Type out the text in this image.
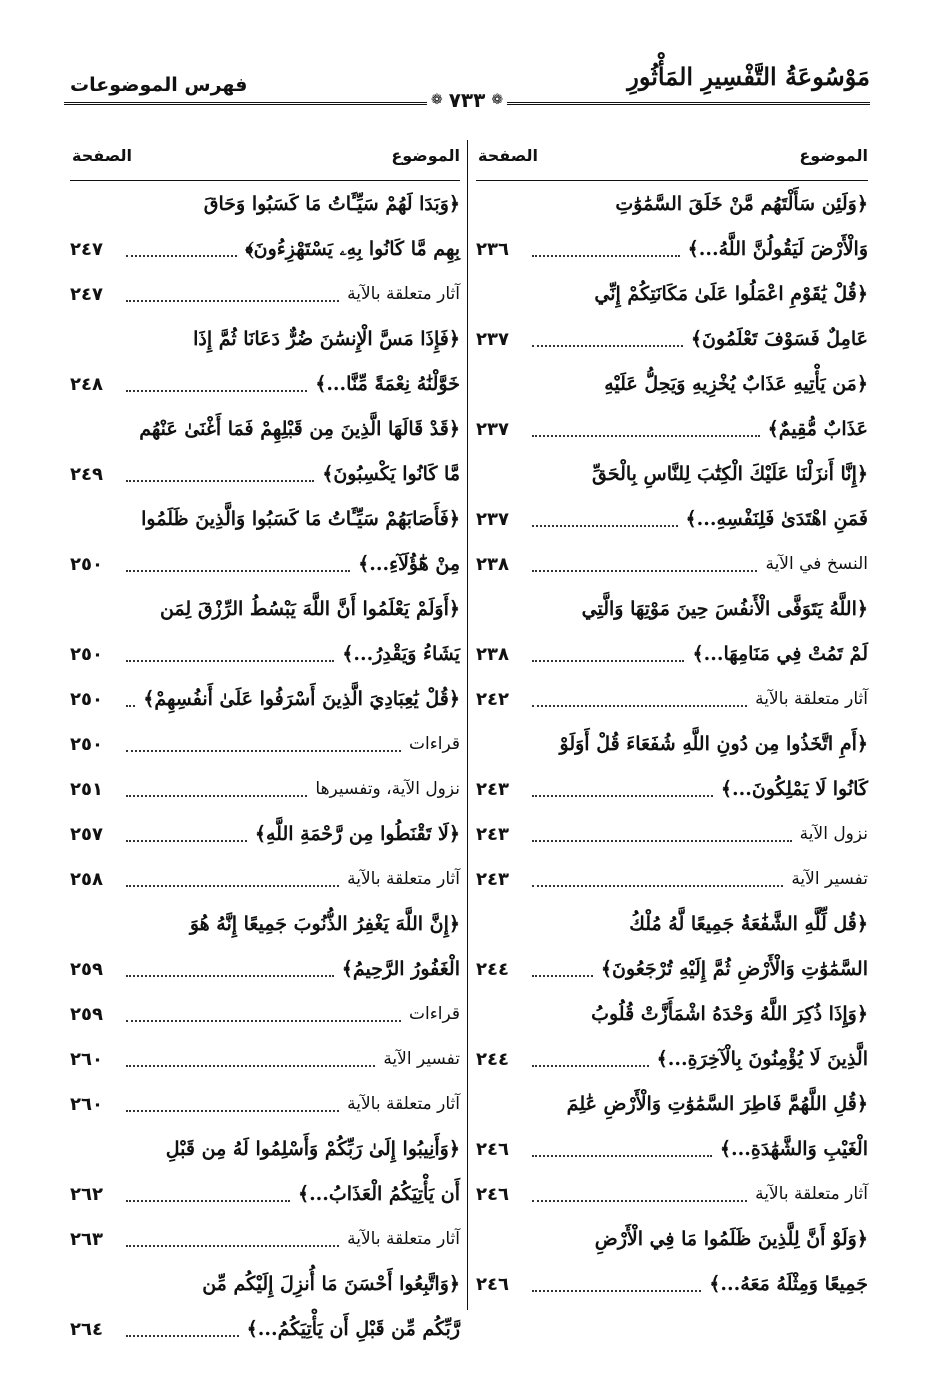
مَوْسُوعَةُ التَّفْسِيرِ المَأْثُورِ
فهرس الموضوعات
❁ ٧٣٣ ❁
الموضوع
الصفحة
الموضوع
الصفحة
﴿وَلَئِن سَأَلْتَهُم مَّنْ خَلَقَ السَّمَٰوَٰتِ
وَالْأَرْضَ لَيَقُولُنَّ اللَّهُ...﴾
٢٣٦
﴿قُلْ يَٰقَوْمِ اعْمَلُوا عَلَىٰ مَكَانَتِكُمْ إِنِّي
عَامِلٌ فَسَوْفَ تَعْلَمُونَ﴾
٢٣٧
﴿مَن يَأْتِيهِ عَذَابٌ يُخْزِيهِ وَيَحِلُّ عَلَيْهِ
عَذَابٌ مُّقِيمٌ﴾
٢٣٧
﴿إِنَّا أَنزَلْنَا عَلَيْكَ الْكِتَٰبَ لِلنَّاسِ بِالْحَقِّ
فَمَنِ اهْتَدَىٰ فَلِنَفْسِهِ...﴾
٢٣٧
النسخ في الآية
٢٣٨
﴿اللَّهُ يَتَوَفَّى الْأَنفُسَ حِينَ مَوْتِهَا وَالَّتِي
لَمْ تَمُتْ فِي مَنَامِهَا...﴾
٢٣٨
آثار متعلقة بالآية
٢٤٢
﴿أَمِ اتَّخَذُوا مِن دُونِ اللَّهِ شُفَعَاءَ قُلْ أَوَلَوْ
كَانُوا لَا يَمْلِكُونَ...﴾
٢٤٣
نزول الآية
٢٤٣
تفسير الآية
٢٤٣
﴿قُل لِّلَّهِ الشَّفَٰعَةُ جَمِيعًا لَّهُ مُلْكُ
السَّمَٰوَٰتِ وَالْأَرْضِ ثُمَّ إِلَيْهِ تُرْجَعُونَ﴾
٢٤٤
﴿وَإِذَا ذُكِرَ اللَّهُ وَحْدَهُ اشْمَأَزَّتْ قُلُوبُ
الَّذِينَ لَا يُؤْمِنُونَ بِالْآخِرَةِ...﴾
٢٤٤
﴿قُلِ اللَّهُمَّ فَاطِرَ السَّمَٰوَٰتِ وَالْأَرْضِ عَٰلِمَ
الْغَيْبِ وَالشَّهَٰدَةِ...﴾
٢٤٦
آثار متعلقة بالآية
٢٤٦
﴿وَلَوْ أَنَّ لِلَّذِينَ ظَلَمُوا مَا فِي الْأَرْضِ
جَمِيعًا وَمِثْلَهُ مَعَهُ...﴾
٢٤٦
﴿وَبَدَا لَهُمْ سَيِّـَٔاتُ مَا كَسَبُوا وَحَاقَ
بِهِم مَّا كَانُوا بِهِۦ يَسْتَهْزِءُونَ﴾
٢٤٧
آثار متعلقة بالآية
٢٤٧
﴿فَإِذَا مَسَّ الْإِنسَٰنَ ضُرٌّ دَعَانَا ثُمَّ إِذَا
خَوَّلْنَٰهُ نِعْمَةً مِّنَّا...﴾
٢٤٨
﴿قَدْ قَالَهَا الَّذِينَ مِن قَبْلِهِمْ فَمَا أَغْنَىٰ عَنْهُم
مَّا كَانُوا يَكْسِبُونَ﴾
٢٤٩
﴿فَأَصَابَهُمْ سَيِّـَٔاتُ مَا كَسَبُوا وَالَّذِينَ ظَلَمُوا
مِنْ هَٰٓؤُلَآءِ...﴾
٢٥٠
﴿أَوَلَمْ يَعْلَمُوا أَنَّ اللَّهَ يَبْسُطُ الرِّزْقَ لِمَن
يَشَاءُ وَيَقْدِرُ...﴾
٢٥٠
﴿قُلْ يَٰعِبَادِيَ الَّذِينَ أَسْرَفُوا عَلَىٰ أَنفُسِهِمْ﴾
٢٥٠
قراءات
٢٥٠
نزول الآية، وتفسيرها
٢٥١
﴿لَا تَقْنَطُوا مِن رَّحْمَةِ اللَّهِ﴾
٢٥٧
آثار متعلقة بالآية
٢٥٨
﴿إِنَّ اللَّهَ يَغْفِرُ الذُّنُوبَ جَمِيعًا إِنَّهُ هُوَ
الْغَفُورُ الرَّحِيمُ﴾
٢٥٩
قراءات
٢٥٩
تفسير الآية
٢٦٠
آثار متعلقة بالآية
٢٦٠
﴿وَأَنِيبُوا إِلَىٰ رَبِّكُمْ وَأَسْلِمُوا لَهُ مِن قَبْلِ
أَن يَأْتِيَكُمُ الْعَذَابُ...﴾
٢٦٢
آثار متعلقة بالآية
٢٦٣
﴿وَاتَّبِعُوا أَحْسَنَ مَا أُنزِلَ إِلَيْكُم مِّن
رَّبِّكُم مِّن قَبْلِ أَن يَأْتِيَكُمُ...﴾
٢٦٤
